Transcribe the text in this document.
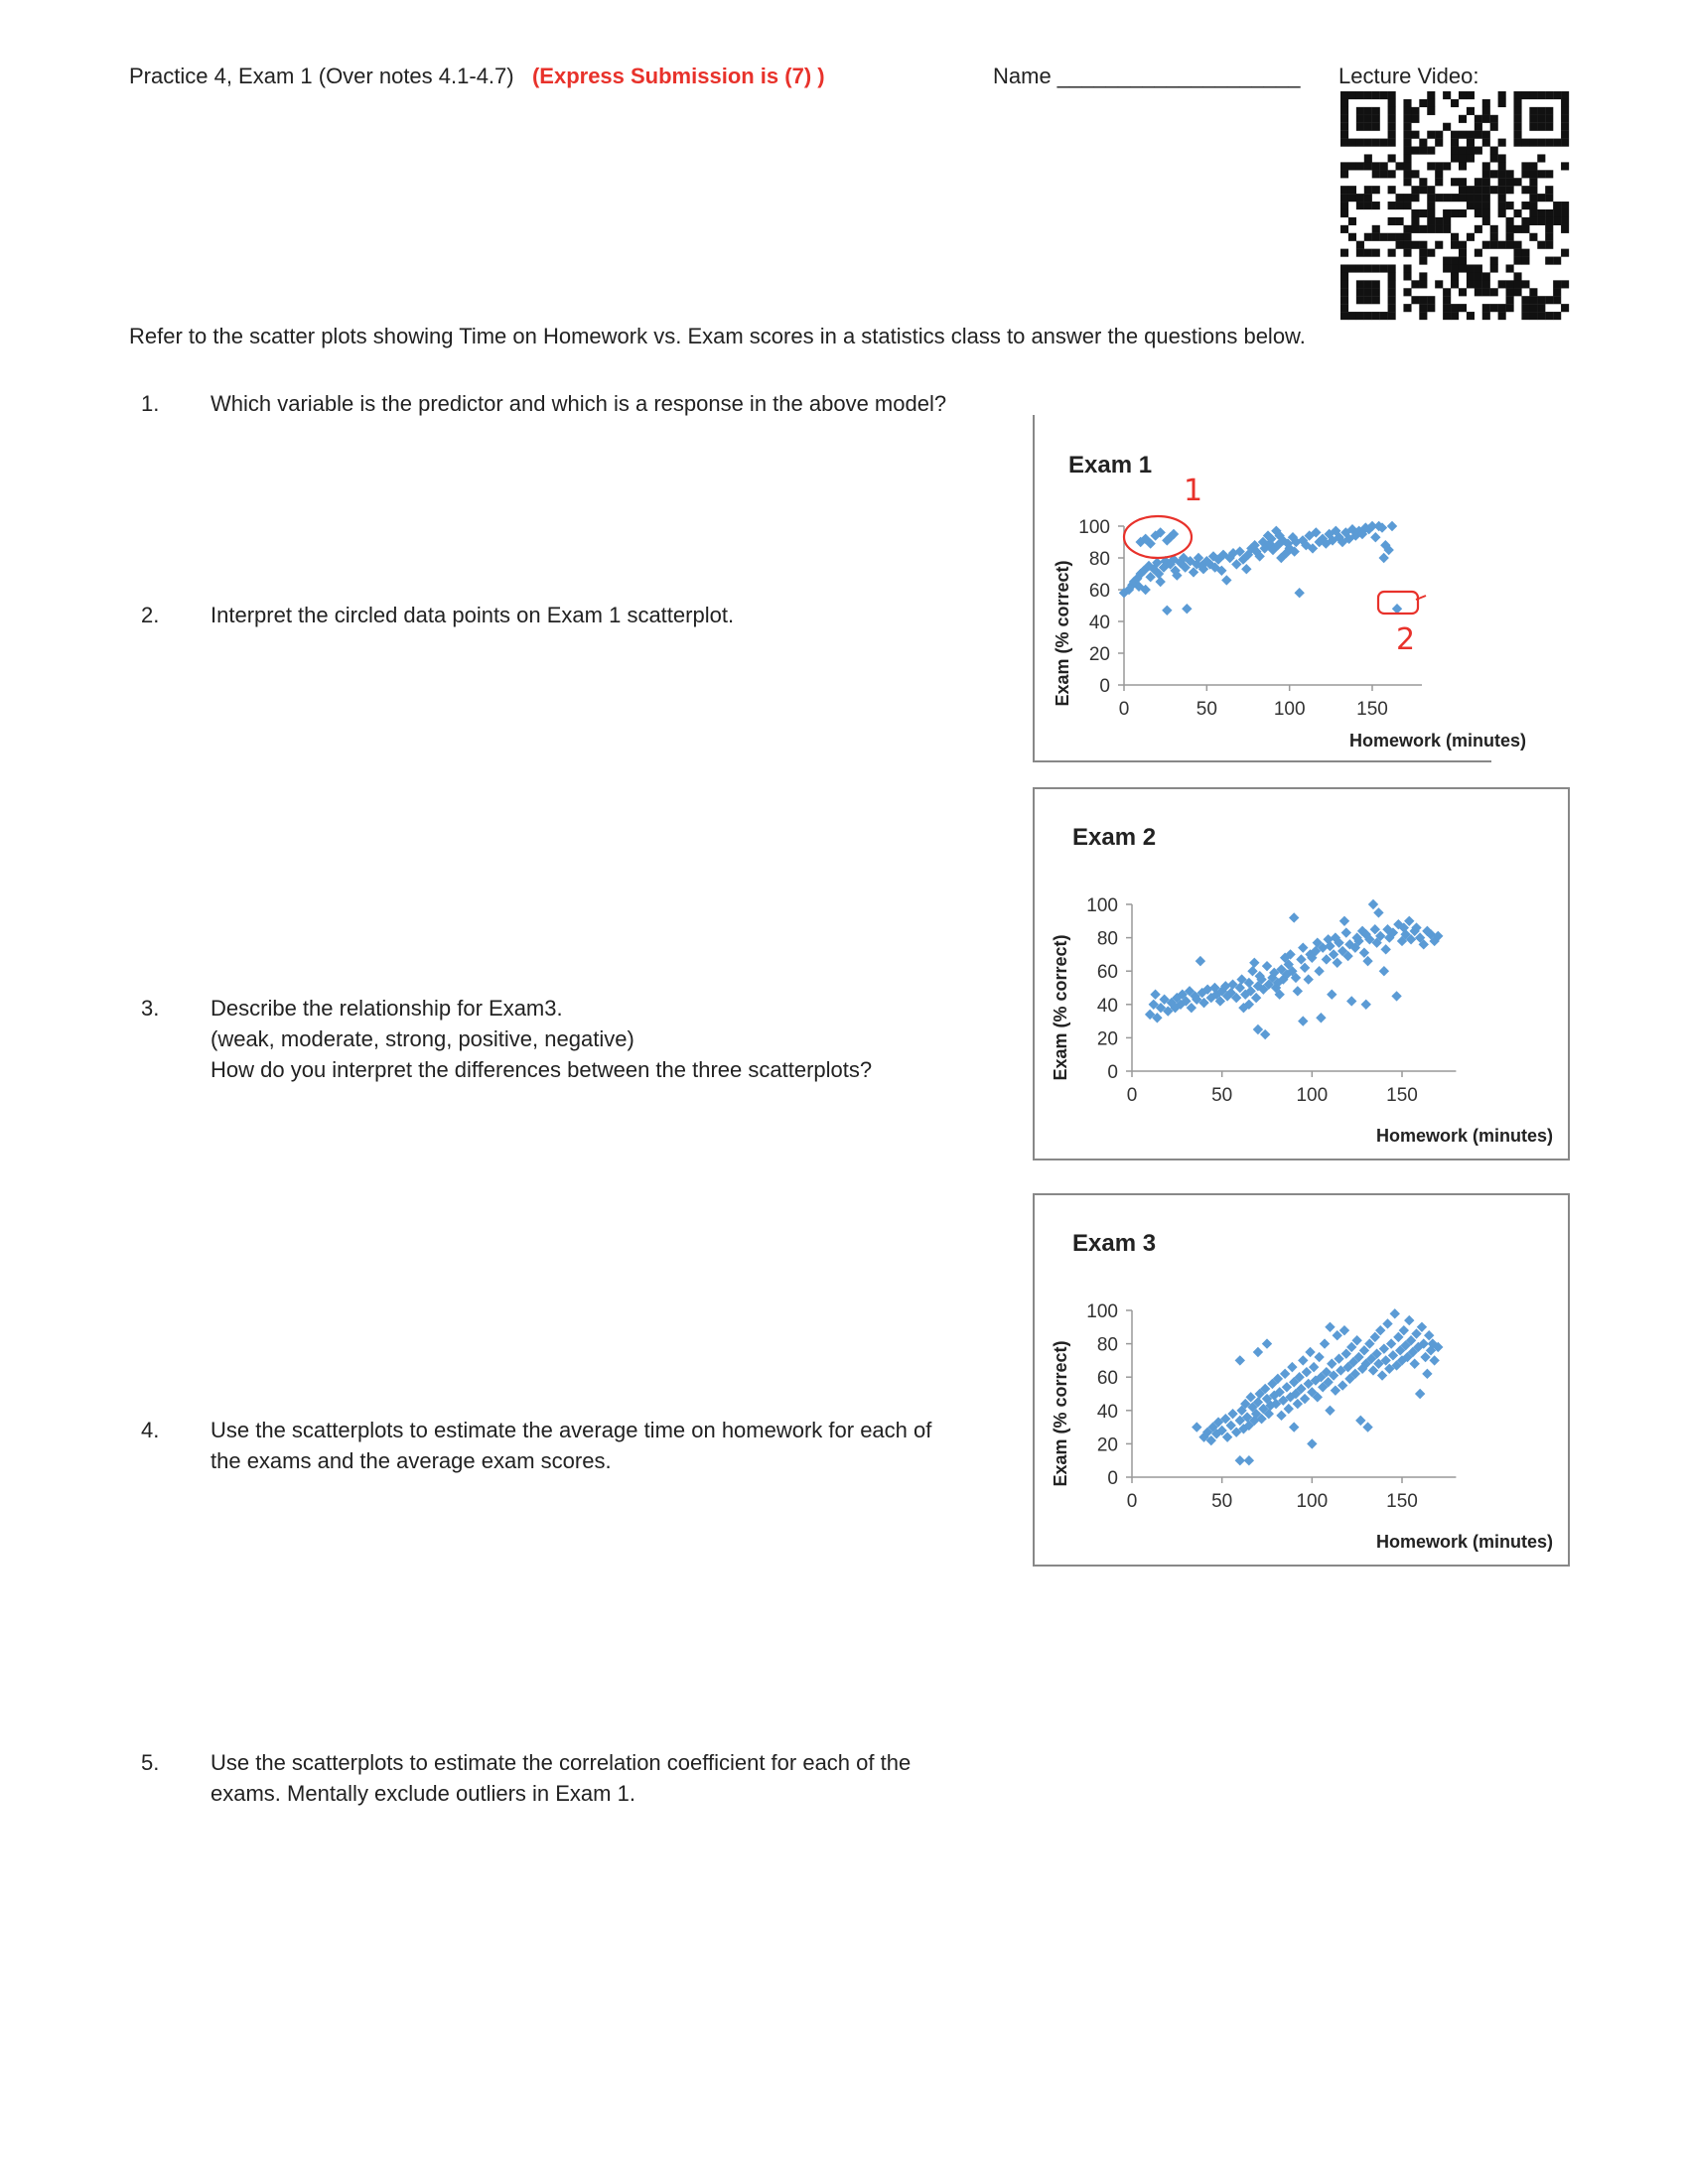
Practice 4, Exam 1 (Over notes 4.1-4.7) (Express Submission is (7) )	Name ____________________ Lecture Video:
Refer to the scatter plots showing Time on Homework vs. Exam scores in a statistics class to answer the questions below.
1. Which variable is the predictor and which is a response in the above model?
2. Interpret the circled data points on Exam 1 scatterplot.
3. Describe the relationship for Exam3.
(weak, moderate, strong, positive, negative)
How do you interpret the differences between the three scatterplots?
4. Use the scatterplots to estimate the average time on homework for each of the exams and the average exam scores.
5. Use the scatterplots to estimate the correlation coefficient for each of the exams. Mentally exclude outliers in Exam 1.
Exam 1
Exam (% correct)
Homework (minutes)
0
20
40
60
80
100
0	50	100	150
1
2
Exam 2
Exam (% correct)
Homework (minutes)
0
20
40
60
80
100
0	50	100	150
Exam 3
Exam (% correct)
Homework (minutes)
0
20
40
60
80
100
0	50	100	150
